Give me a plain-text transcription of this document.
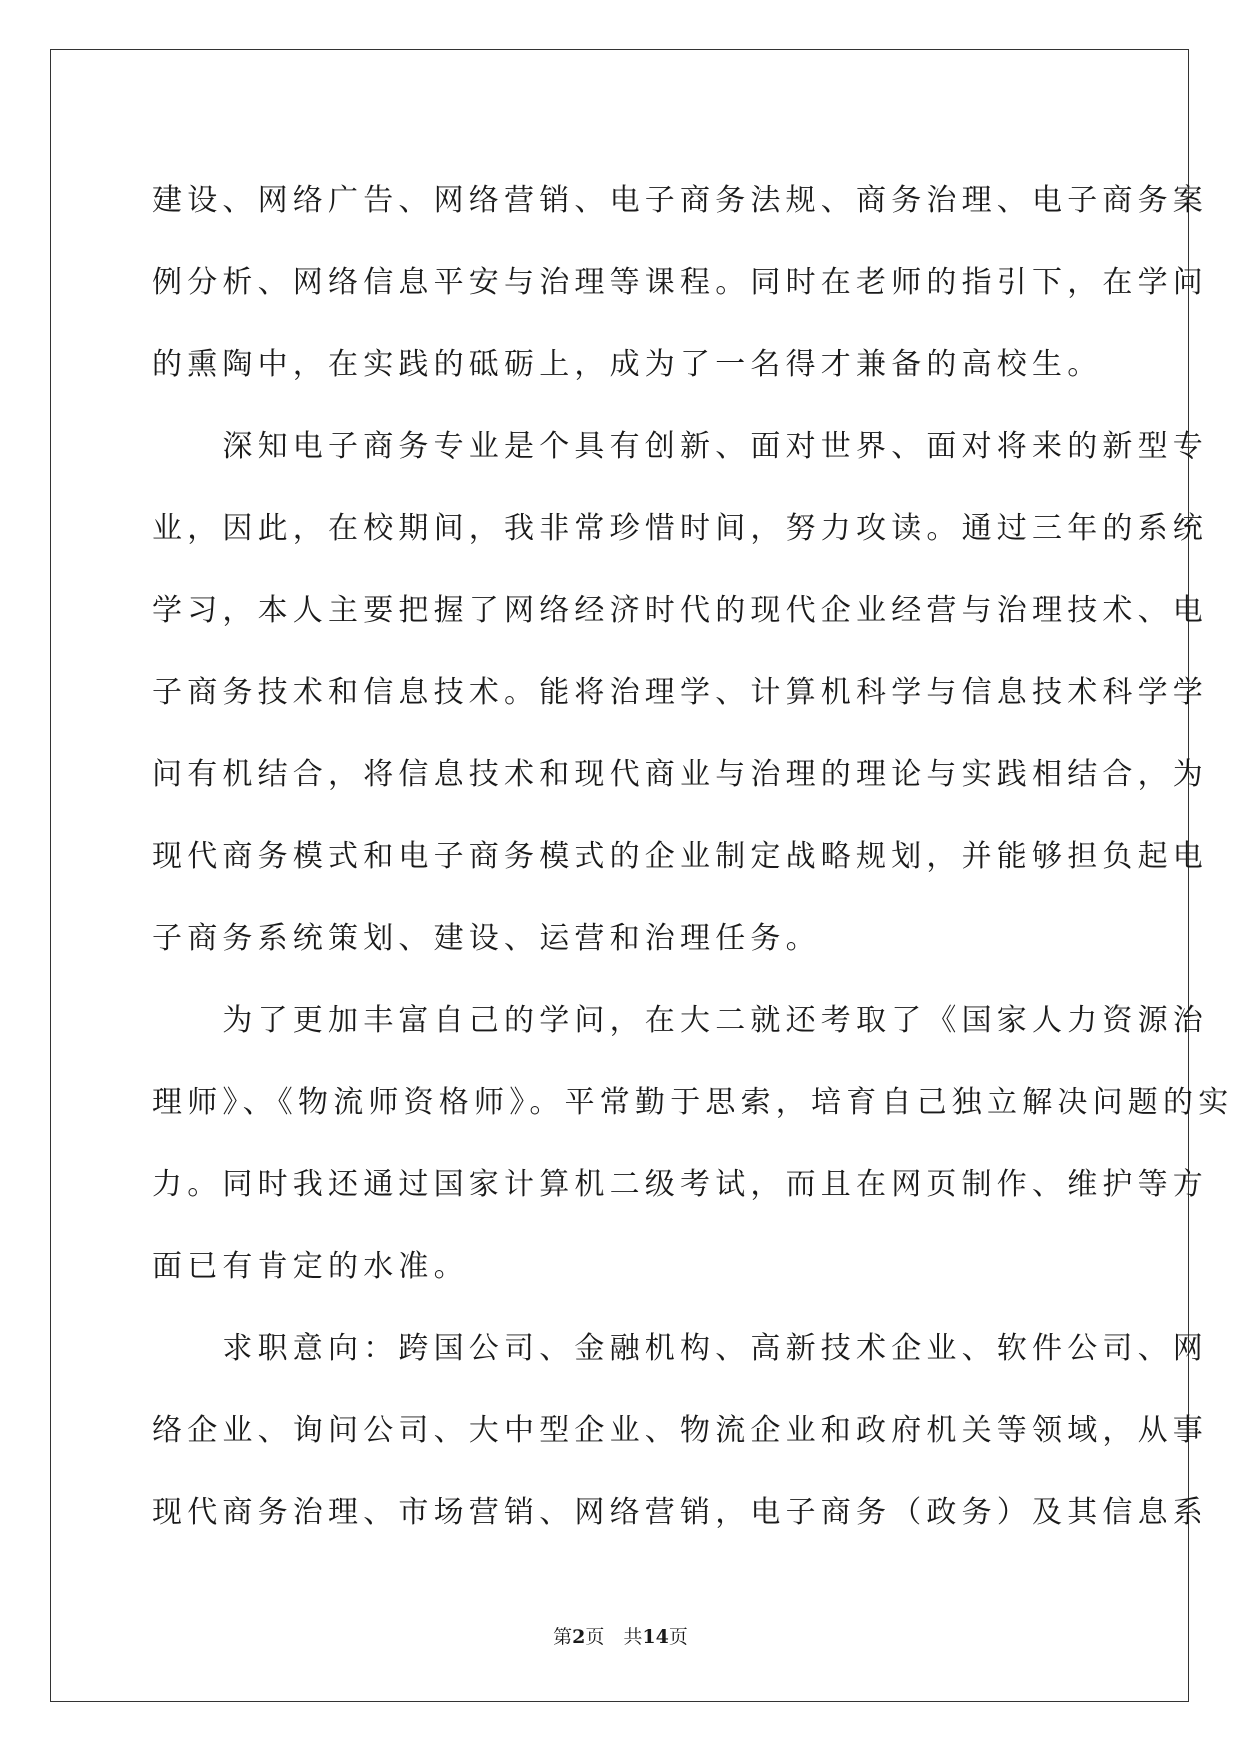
建设、网络广告、网络营销、电子商务法规、商务治理、电子商务案
例分析、网络信息平安与治理等课程。同时在老师的指引下，在学问
的熏陶中，在实践的砥砺上，成为了一名得才兼备的高校生。
　　深知电子商务专业是个具有创新、面对世界、面对将来的新型专
业，因此，在校期间，我非常珍惜时间，努力攻读。通过三年的系统
学习，本人主要把握了网络经济时代的现代企业经营与治理技术、电
子商务技术和信息技术。能将治理学、计算机科学与信息技术科学学
问有机结合，将信息技术和现代商业与治理的理论与实践相结合，为
现代商务模式和电子商务模式的企业制定战略规划，并能够担负起电
子商务系统策划、建设、运营和治理任务。
　　为了更加丰富自己的学问，在大二就还考取了《国家人力资源治
理师》、《物流师资格师》。平常勤于思索，培育自己独立解决问题的实
力。同时我还通过国家计算机二级考试，而且在网页制作、维护等方
面已有肯定的水准。
　　求职意向：跨国公司、金融机构、高新技术企业、软件公司、网
络企业、询问公司、大中型企业、物流企业和政府机关等领域，从事
现代商务治理、市场营销、网络营销，电子商务（政务）及其信息系
第2页　共14页
